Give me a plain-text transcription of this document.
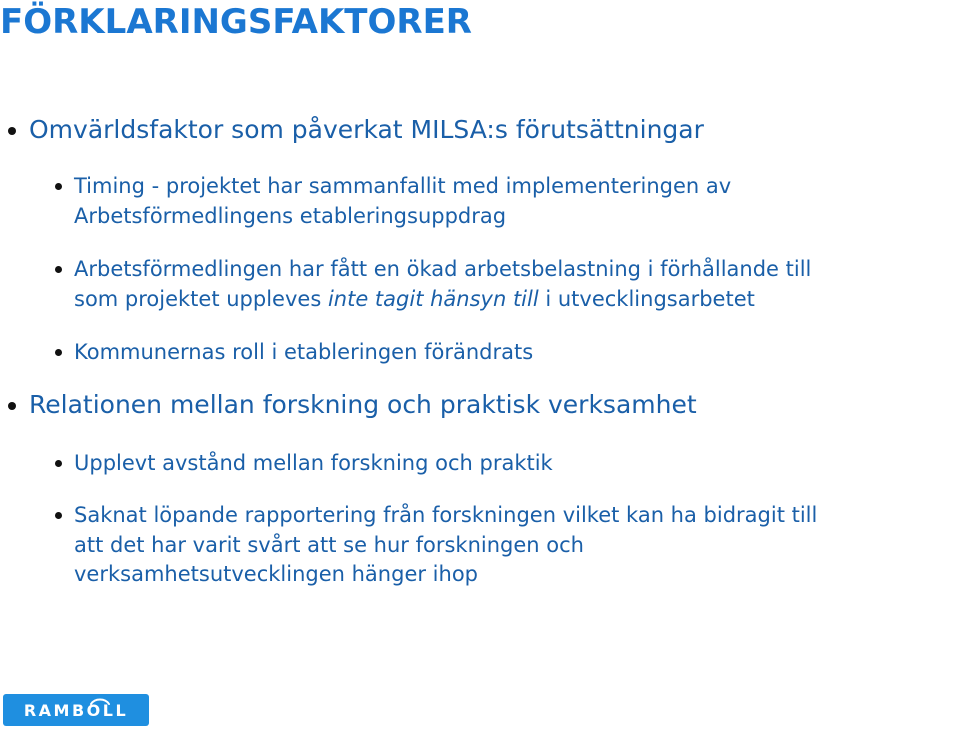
FÖRKLARINGSFAKTORER
Omvärldsfaktor som påverkat MILSA:s förutsättningar
Timing - projektet har sammanfallit med implementeringen av
Arbetsförmedlingens etableringsuppdrag
Arbetsförmedlingen har fått en ökad arbetsbelastning i förhållande till
som projektet uppleves inte tagit hänsyn till i utvecklingsarbetet
Kommunernas roll i etableringen förändrats
Relationen mellan forskning och praktisk verksamhet
Upplevt avstånd mellan forskning och praktik
Saknat löpande rapportering från forskningen vilket kan ha bidragit till
att det har varit svårt att se hur forskningen och
verksamhetsutvecklingen hänger ihop
RAMBOLL
